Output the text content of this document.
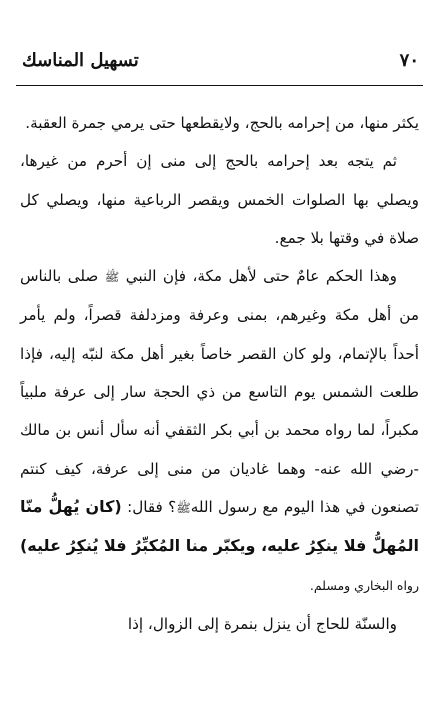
تسهيل المناسك	٧٠

يكثر منها، من إحرامه بالحج، ولايقطعها حتى يرمي جمرة العقبة.

ثم يتجه بعد إحرامه بالحج إلى منى إن أحرم من غيرها، ويصلي بها الصلوات الخمس ويقصر الرباعية منها، ويصلي كل صلاة في وقتها بلا جمع.

وهذا الحكم عامٌ حتى لأهل مكة، فإن النبي ﷺ صلى بالناس من أهل مكة وغيرهم، بمنى وعرفة ومزدلفة قصراً، ولم يأمر أحداً بالإتمام، ولو كان القصر خاصاً بغير أهل مكة لنبّه إليه، فإذا طلعت الشمس يوم التاسع من ذي الحجة سار إلى عرفة ملبياً مكبراً، لما رواه محمد بن أبي بكر الثقفي أنه سأل أنس بن مالك -رضي الله عنه- وهما غاديان من منى إلى عرفة، كيف كنتم تصنعون في هذا اليوم مع رسول اللهﷺ؟ فقال: (كان يُهلُّ منّا المُهلُّ فلا ينكِرُ عليه، ويكبّر منا المُكبِّرُ فلا يُنكِرُ عليه) رواه البخاري ومسلم.

والسنّة للحاج أن ينزل بنمرة إلى الزوال، إذا
